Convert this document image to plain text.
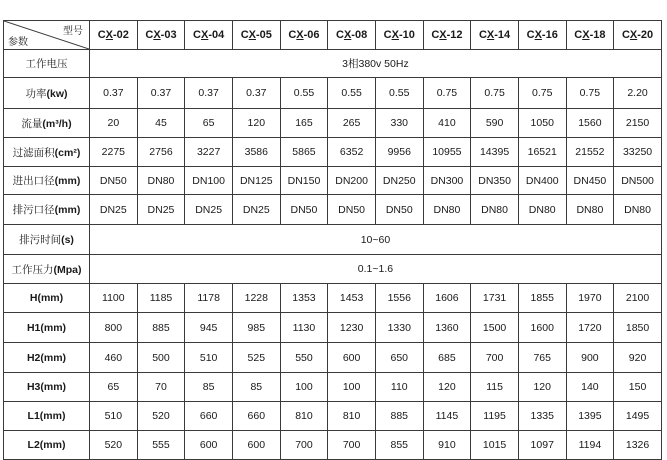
型号
参数	CX-02	CX-03	CX-04	CX-05	CX-06	CX-08	CX-10	CX-12	CX-14	CX-16	CX-18	CX-20
工作电压	3相380v 50Hz											
功率(kw)	0.37	0.37	0.37	0.37	0.55	0.55	0.55	0.75	0.75	0.75	0.75	2.20
流量(m³/h)	20	45	65	120	165	265	330	410	590	1050	1560	2150
过滤面积(cm²)	2275	2756	3227	3586	5865	6352	9956	10955	14395	16521	21552	33250
进出口径(mm)	DN50	DN80	DN100	DN125	DN150	DN200	DN250	DN300	DN350	DN400	DN450	DN500
排污口径(mm)	DN25	DN25	DN25	DN25	DN50	DN50	DN50	DN80	DN80	DN80	DN80	DN80
排污时间(s)	10~60											
工作压力(Mpa)	0.1~1.6											
H(mm)	1100	1185	1178	1228	1353	1453	1556	1606	1731	1855	1970	2100
H1(mm)	800	885	945	985	1130	1230	1330	1360	1500	1600	1720	1850
H2(mm)	460	500	510	525	550	600	650	685	700	765	900	920
H3(mm)	65	70	85	85	100	100	110	120	115	120	140	150
L1(mm)	510	520	660	660	810	810	885	1145	1195	1335	1395	1495
L2(mm)	520	555	600	600	700	700	855	910	1015	1097	1194	1326
